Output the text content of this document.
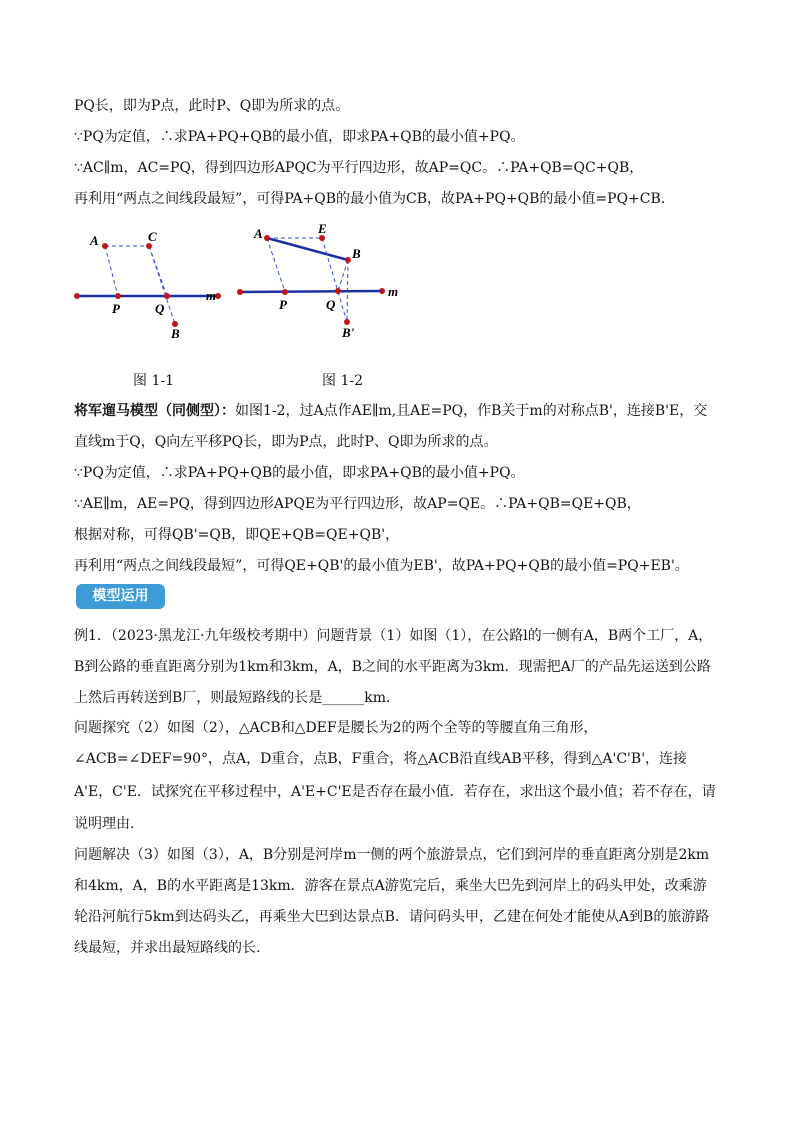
PQ长，即为P点，此时P、Q即为所求的点。
∵PQ为定值，∴求PA+PQ+QB的最小值，即求PA+QB的最小值+PQ。
∵AC∥m，AC=PQ，得到四边形APQC为平行四边形，故AP=QC。∴PA+QB=QC+QB，
再利用“两点之间线段最短”，可得PA+QB的最小值为CB，故PA+PQ+QB的最小值=PQ+CB.
A	C
P	Q
B
m
A	E
B
P	Q
B'
m
图 1-1	图 1-2
将军遛马模型（同侧型）：如图1-2，过A点作AE∥m,且AE=PQ，作B关于m的对称点B'，连接B'E，交
直线m于Q，Q向左平移PQ长，即为P点，此时P、Q即为所求的点。
∵PQ为定值，∴求PA+PQ+QB的最小值，即求PA+QB的最小值+PQ。
∵AE∥m，AE=PQ，得到四边形APQE为平行四边形，故AP=QE。∴PA+QB=QE+QB，
根据对称，可得QB'=QB，即QE+QB=QE+QB'，
再利用“两点之间线段最短”，可得QE+QB'的最小值为EB'，故PA+PQ+QB的最小值=PQ+EB'。
模型运用
例1．（2023·黑龙江·九年级校考期中）问题背景（1）如图（1），在公路l的一侧有A，B两个工厂，A，
B到公路的垂直距离分别为1km和3km，A，B之间的水平距离为3km．现需把A厂的产品先运送到公路
上然后再转送到B厂，则最短路线的长是______km．
问题探究（2）如图（2），△ACB和△DEF是腰长为2的两个全等的等腰直角三角形，
∠ACB=∠DEF=90°，点A，D重合，点B，F重合，将△ACB沿直线AB平移，得到△A'C'B'，连接
A'E，C'E．试探究在平移过程中，A'E+C'E是否存在最小值．若存在，求出这个最小值；若不存在，请
说明理由.
问题解决（3）如图（3），A，B分别是河岸m一侧的两个旅游景点，它们到河岸的垂直距离分别是2km
和4km，A，B的水平距离是13km．游客在景点A游览完后，乘坐大巴先到河岸上的码头甲处，改乘游
轮沿河航行5km到达码头乙，再乘坐大巴到达景点B．请问码头甲，乙建在何处才能使从A到B的旅游路
线最短，并求出最短路线的长.
